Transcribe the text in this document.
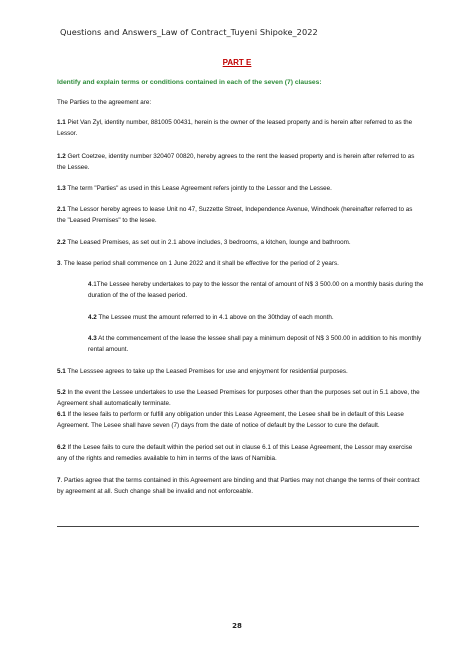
Questions and Answers_Law of Contract_Tuyeni Shipoke_2022
PART E
Identify and explain terms or conditions contained in each of the seven (7) clauses:
The Parties to the agreement are:
1.1 Piet Van Zyl, identity number, 881005 00431, herein is the owner of the leased property and is herein after referred to as the Lessor.
1.2 Gert Coetzee, identity number 320407 00820, hereby agrees to the rent the leased property and is herein after referred to as the Lessee.
1.3 The term "Parties" as used in this Lease Agreement refers jointly to the Lessor and the Lessee.
2.1 The Lessor hereby agrees to lease Unit no 47, Suzzette Street, Independence Avenue, Windhoek (hereinafter referred to as the "Leased Premises" to the lesee.
2.2 The Leased Premises, as set out in 2.1 above includes, 3 bedrooms, a kitchen, lounge and bathroom.
3. The lease period shall commence on 1 June 2022 and it shall be effective for the period of 2 years.
4.1The Lessee hereby undertakes to pay to the lessor the rental of amount of N$ 3 500.00 on a monthly basis during the duration of the of the leased period.
4.2 The Lessee must the amount referred to in 4.1 above on the 30thday of each month.
4.3 At the commencement of the lease the lessee shall pay a minimum deposit of N$ 3 500.00 in addition to his monthly rental amount.
5.1 The Lesssee agrees to take up the Leased Premises for use and enjoyment for residential purposes.
5.2 In the event the Lessee undertakes to use the Leased Premises for purposes other than the purposes set out in 5.1 above, the Agreement shall automatically terminate.
6.1 If the lesee fails to perform or fulfill any obligation under this Lease Agreement, the Lesee shall be in default of this Lease Agreement. The Lesee shall have seven (7) days from the date of notice of default by the Lessor to cure the default.
6.2 If the Lesee fails to cure the default within the period set out in clause 6.1 of this Lease Agreement, the Lessor may exercise any of the rights and remedies available to him in terms of the laws of Namibia.
7. Parties agree that the terms contained in this Agreement are binding and that Parties may not change the terms of their contract by agreement at all. Such change shall be invalid and not enforceable.
28
